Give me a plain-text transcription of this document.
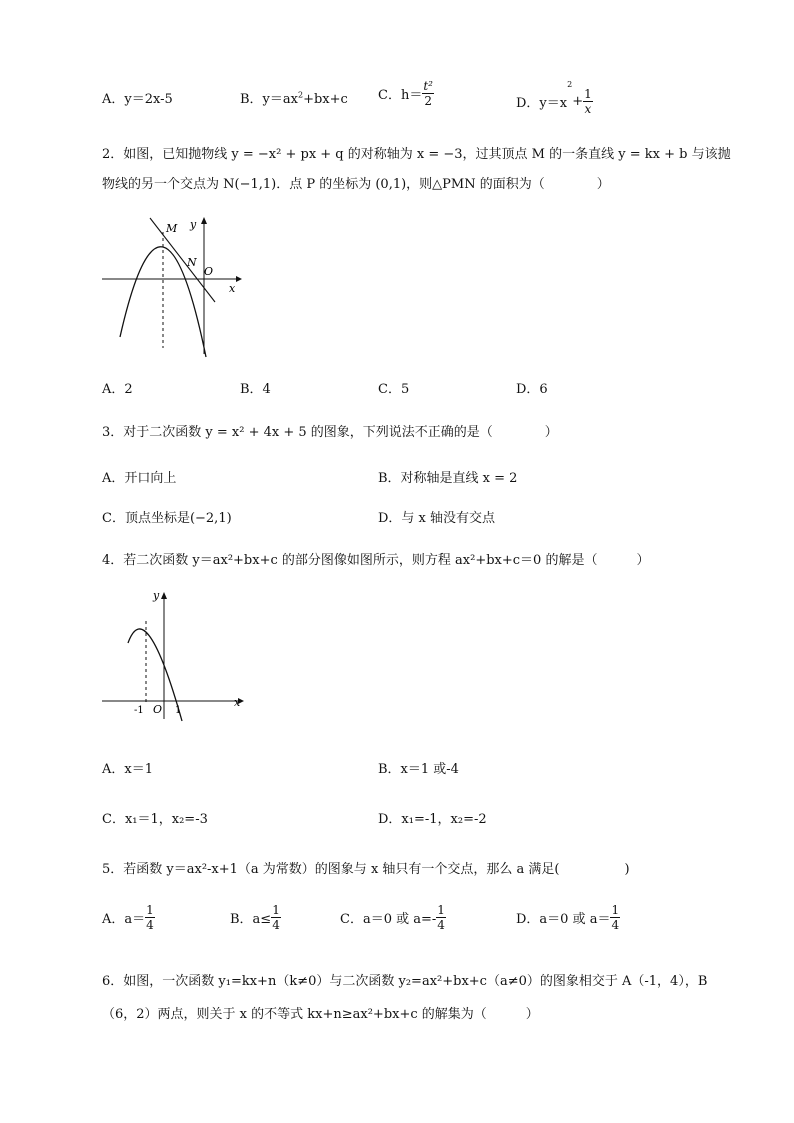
A．y＝2x-5	B．$y=ax^2+bx+c$ C．$h= \frac{\text{t²}}{2}$	D．$y=x^2+ \frac{1}{x}$
2．如图，已知抛物线 y = −x² + px + q 的对称轴为 x = −3，过其顶点 M 的一条直线 y = kx + b 与该抛
物线的另一个交点为 N(−1,1)．点 P 的坐标为 (0,1)，则△PMN 的面积为（　　　　）
M y
N
O
x
A．2	B．4	C．5	D．6
3．对于二次函数 y = x² + 4x + 5 的图象，下列说法不正确的是（　　　　）
A．开口向上	B．对称轴是直线 x = 2
C．顶点坐标是(−2,1)	D．与 x 轴没有交点
4．若二次函数 y＝ax²+bx+c 的部分图像如图所示，则方程 ax²+bx+c＝0 的解是（　　　）
y
x
-1 O 1
A．x＝1	B．x＝1 或-4
C．x₁＝1，x₂=-3	D．x₁=-1，x₂=-2
5．若函数 y＝ax²-x+1（a 为常数）的图象与 x 轴只有一个交点，那么 a 满足(　　　　　)
A．$a= \frac{1}{4}$	B．$a\le \frac{1}{4}$	C．a＝0 或 $a=- \frac{1}{4}$	D．a＝0 或 $a= \frac{1}{4}$
6．如图，一次函数 y₁=kx+n（k≠0）与二次函数 y₂=ax²+bx+c（a≠0）的图象相交于 A（-1，4），B
（6，2）两点，则关于 x 的不等式 kx+n≥ax²+bx+c 的解集为（　　　）
